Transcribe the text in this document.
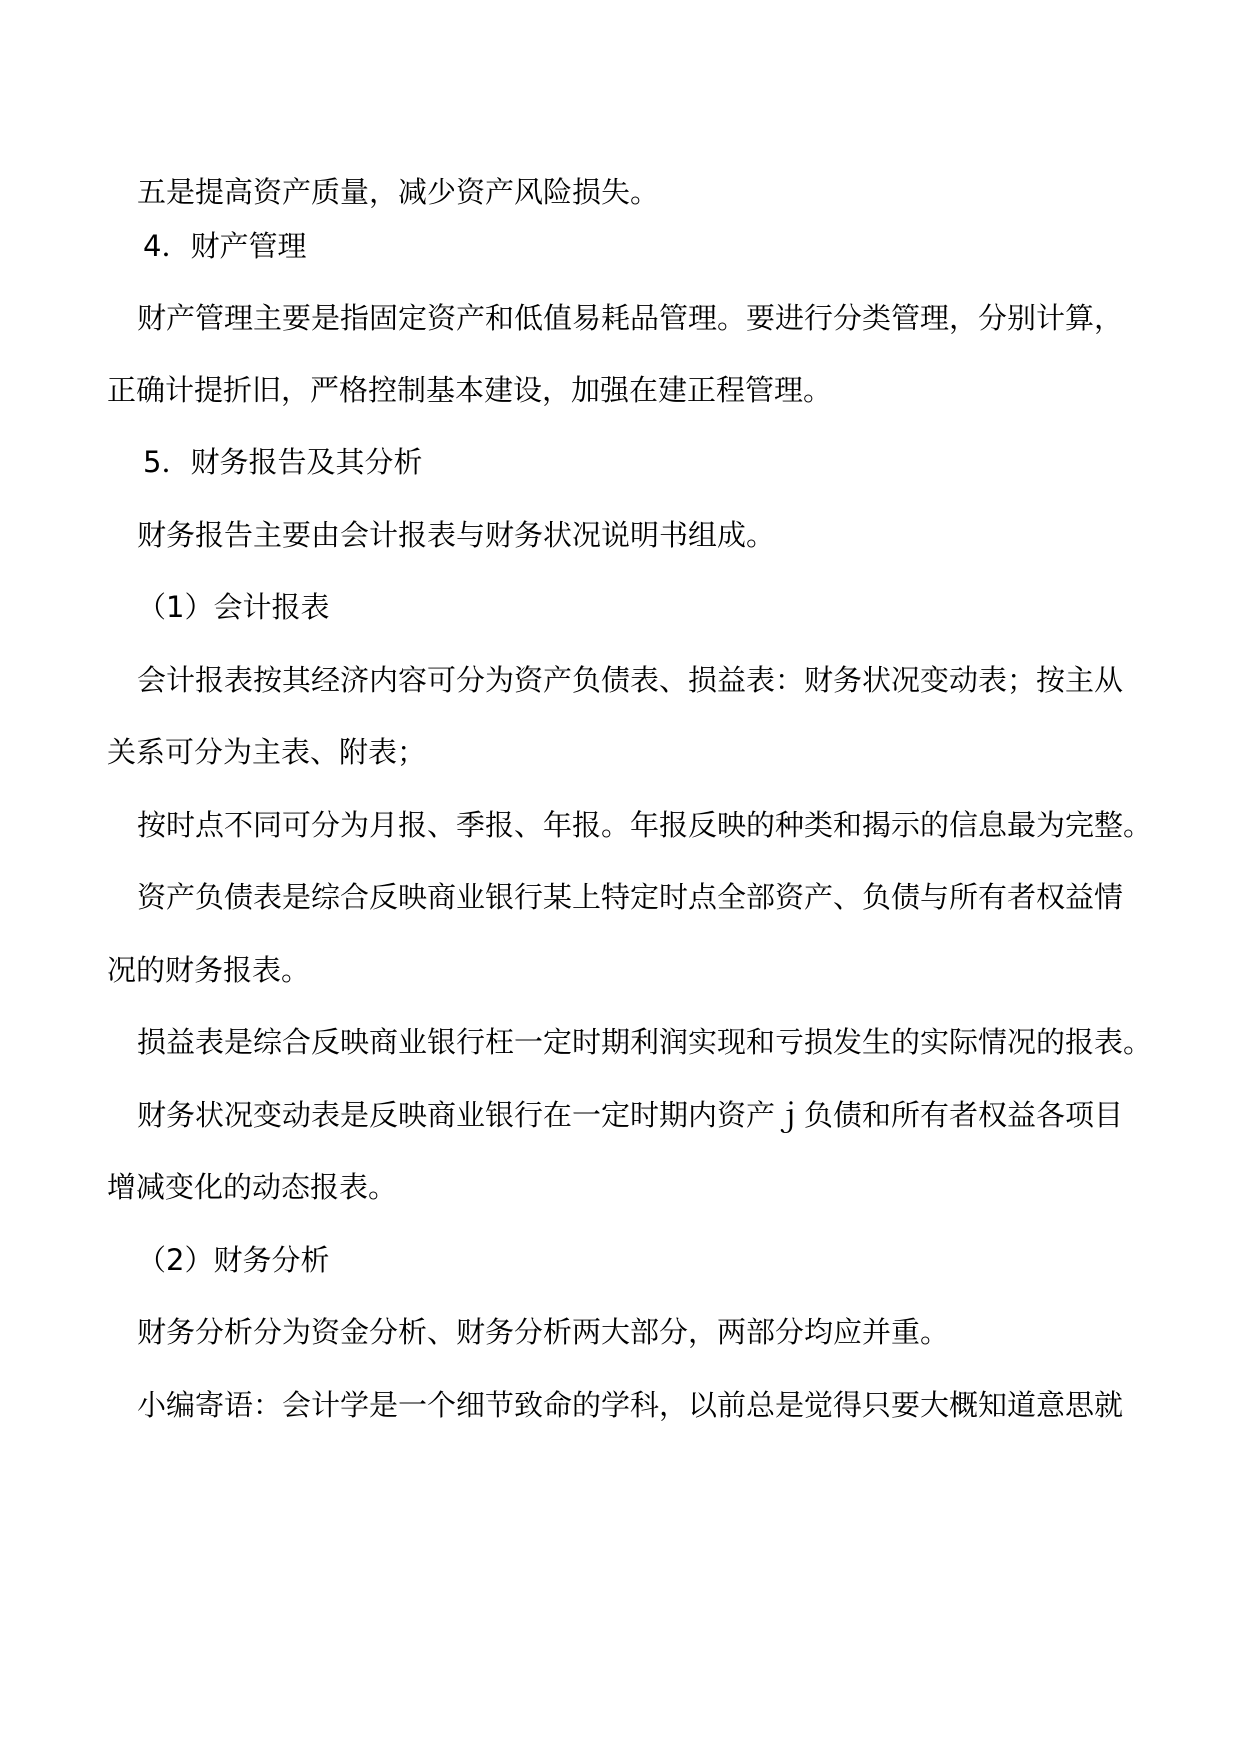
五是提高资产质量，减少资产风险损失。
4．财产管理
财产管理主要是指固定资产和低值易耗品管理。要进行分类管理，分别计算，
正确计提折旧，严格控制基本建设，加强在建正程管理。
5．财务报告及其分析
财务报告主要由会计报表与财务状况说明书组成。
（1）会计报表
会计报表按其经济内容可分为资产负债表、损益表：财务状况变动表；按主从
关系可分为主表、附表；
按时点不同可分为月报、季报、年报。年报反映的种类和揭示的信息最为完整。
资产负债表是综合反映商业银行某上特定时点全部资产、负债与所有者权益情
况的财务报表。
损益表是综合反映商业银行枉一定时期利润实现和亏损发生的实际情况的报表。
财务状况变动表是反映商业银行在一定时期内资产ｊ负债和所有者权益各项目
增减变化的动态报表。
（2）财务分析
财务分析分为资金分析、财务分析两大部分，两部分均应并重。
小编寄语：会计学是一个细节致命的学科，以前总是觉得只要大概知道意思就
